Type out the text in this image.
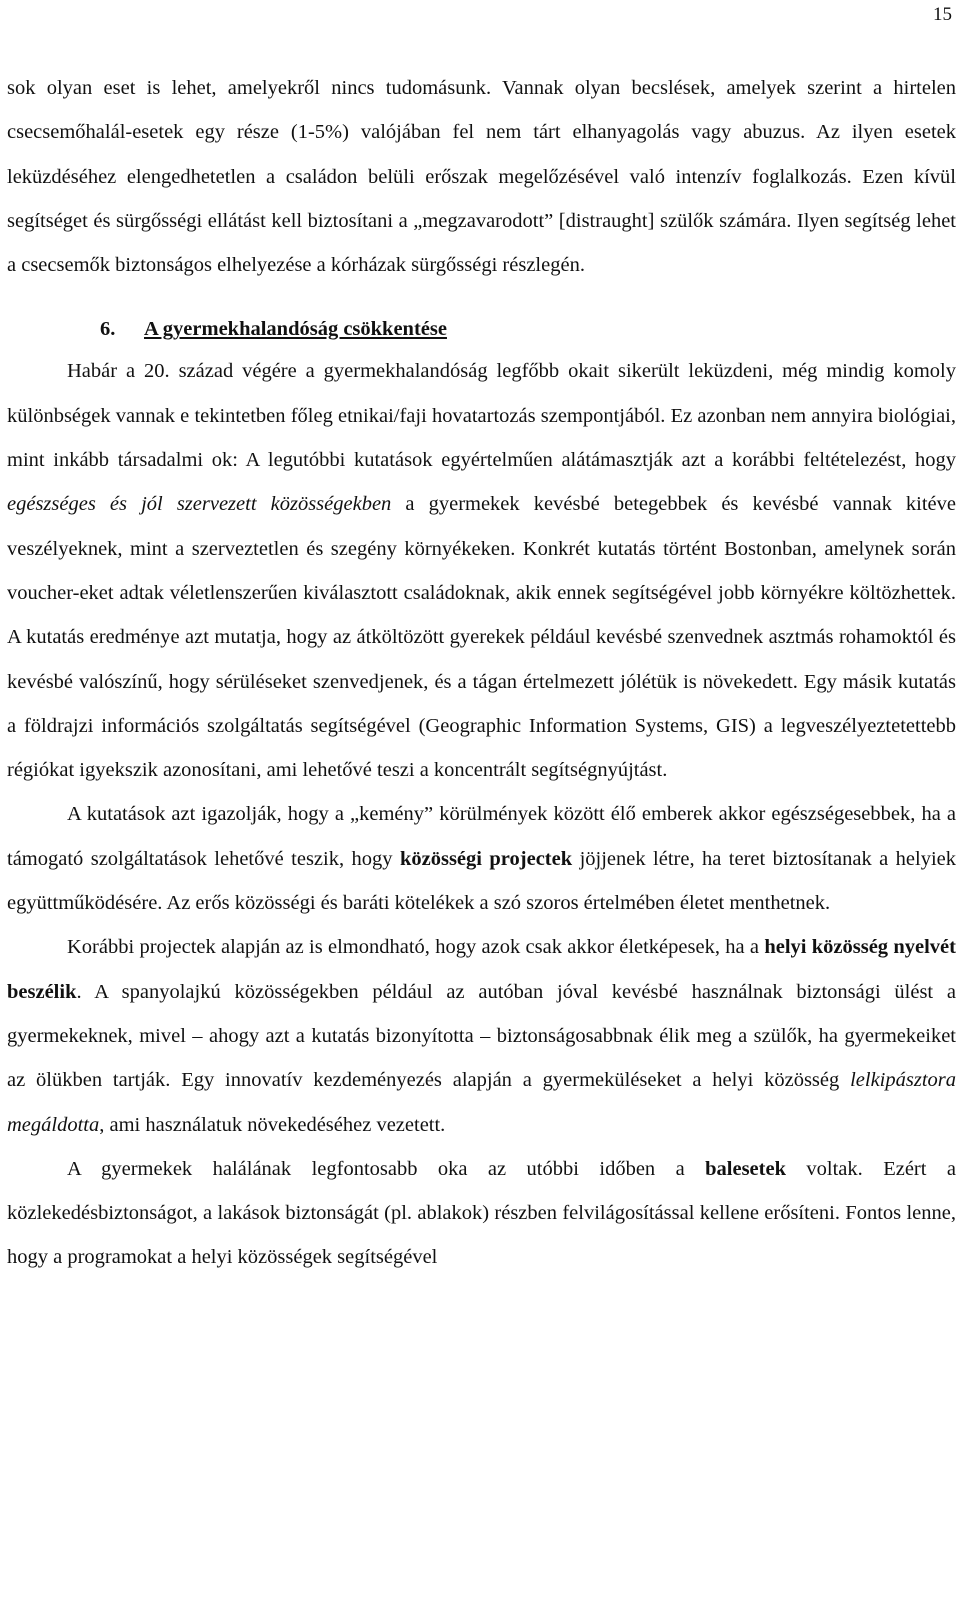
15

sok olyan eset is lehet, amelyekről nincs tudomásunk. Vannak olyan becslések, amelyek szerint a hirtelen csecsemőhalál-esetek egy része (1-5%) valójában fel nem tárt elhanyagolás vagy abuzus. Az ilyen esetek leküzdéséhez elengedhetetlen a családon belüli erőszak megelőzésével való intenzív foglalkozás. Ezen kívül segítséget és sürgősségi ellátást kell biztosítani a „megzavarodott” [distraught] szülők számára. Ilyen segítség lehet a csecsemők biztonságos elhelyezése a kórházak sürgősségi részlegén.

6. A gyermekhalandóság csökkentése

Habár a 20. század végére a gyermekhalandóság legfőbb okait sikerült leküzdeni, még mindig komoly különbségek vannak e tekintetben főleg etnikai/faji hovatartozás szempontjából. Ez azonban nem annyira biológiai, mint inkább társadalmi ok: A legutóbbi kutatások egyértelműen alátámasztják azt a korábbi feltételezést, hogy egészséges és jól szervezett közösségekben a gyermekek kevésbé betegebbek és kevésbé vannak kitéve veszélyeknek, mint a szerveztetlen és szegény környékeken. Konkrét kutatás történt Bostonban, amelynek során voucher-eket adtak véletlenszerűen kiválasztott családoknak, akik ennek segítségével jobb környékre költözhettek. A kutatás eredménye azt mutatja, hogy az átköltözött gyerekek például kevésbé szenvednek asztmás rohamoktól és kevésbé valószínű, hogy sérüléseket szenvedjenek, és a tágan értelmezett jólétük is növekedett. Egy másik kutatás a földrajzi információs szolgáltatás segítségével (Geographic Information Systems, GIS) a legveszélyeztetettebb régiókat igyekszik azonosítani, ami lehetővé teszi a koncentrált segítségnyújtást.

A kutatások azt igazolják, hogy a „kemény” körülmények között élő emberek akkor egészségesebbek, ha a támogató szolgáltatások lehetővé teszik, hogy közösségi projectek jöjjenek létre, ha teret biztosítanak a helyiek együttműködésére. Az erős közösségi és baráti kötelékek a szó szoros értelmében életet menthetnek.

Korábbi projectek alapján az is elmondható, hogy azok csak akkor életképesek, ha a helyi közösség nyelvét beszélik. A spanyolajkú közösségekben például az autóban jóval kevésbé használnak biztonsági ülést a gyermekeknek, mivel – ahogy azt a kutatás bizonyította – biztonságosabbnak élik meg a szülők, ha gyermekeiket az ölükben tartják. Egy innovatív kezdeményezés alapján a gyermeküléseket a helyi közösség lelkipásztora megáldotta, ami használatuk növekedéséhez vezetett.

A gyermekek halálának legfontosabb oka az utóbbi időben a balesetek voltak. Ezért a közlekedésbiztonságot, a lakások biztonságát (pl. ablakok) részben felvilágosítással kellene erősíteni. Fontos lenne, hogy a programokat a helyi közösségek segítségével
